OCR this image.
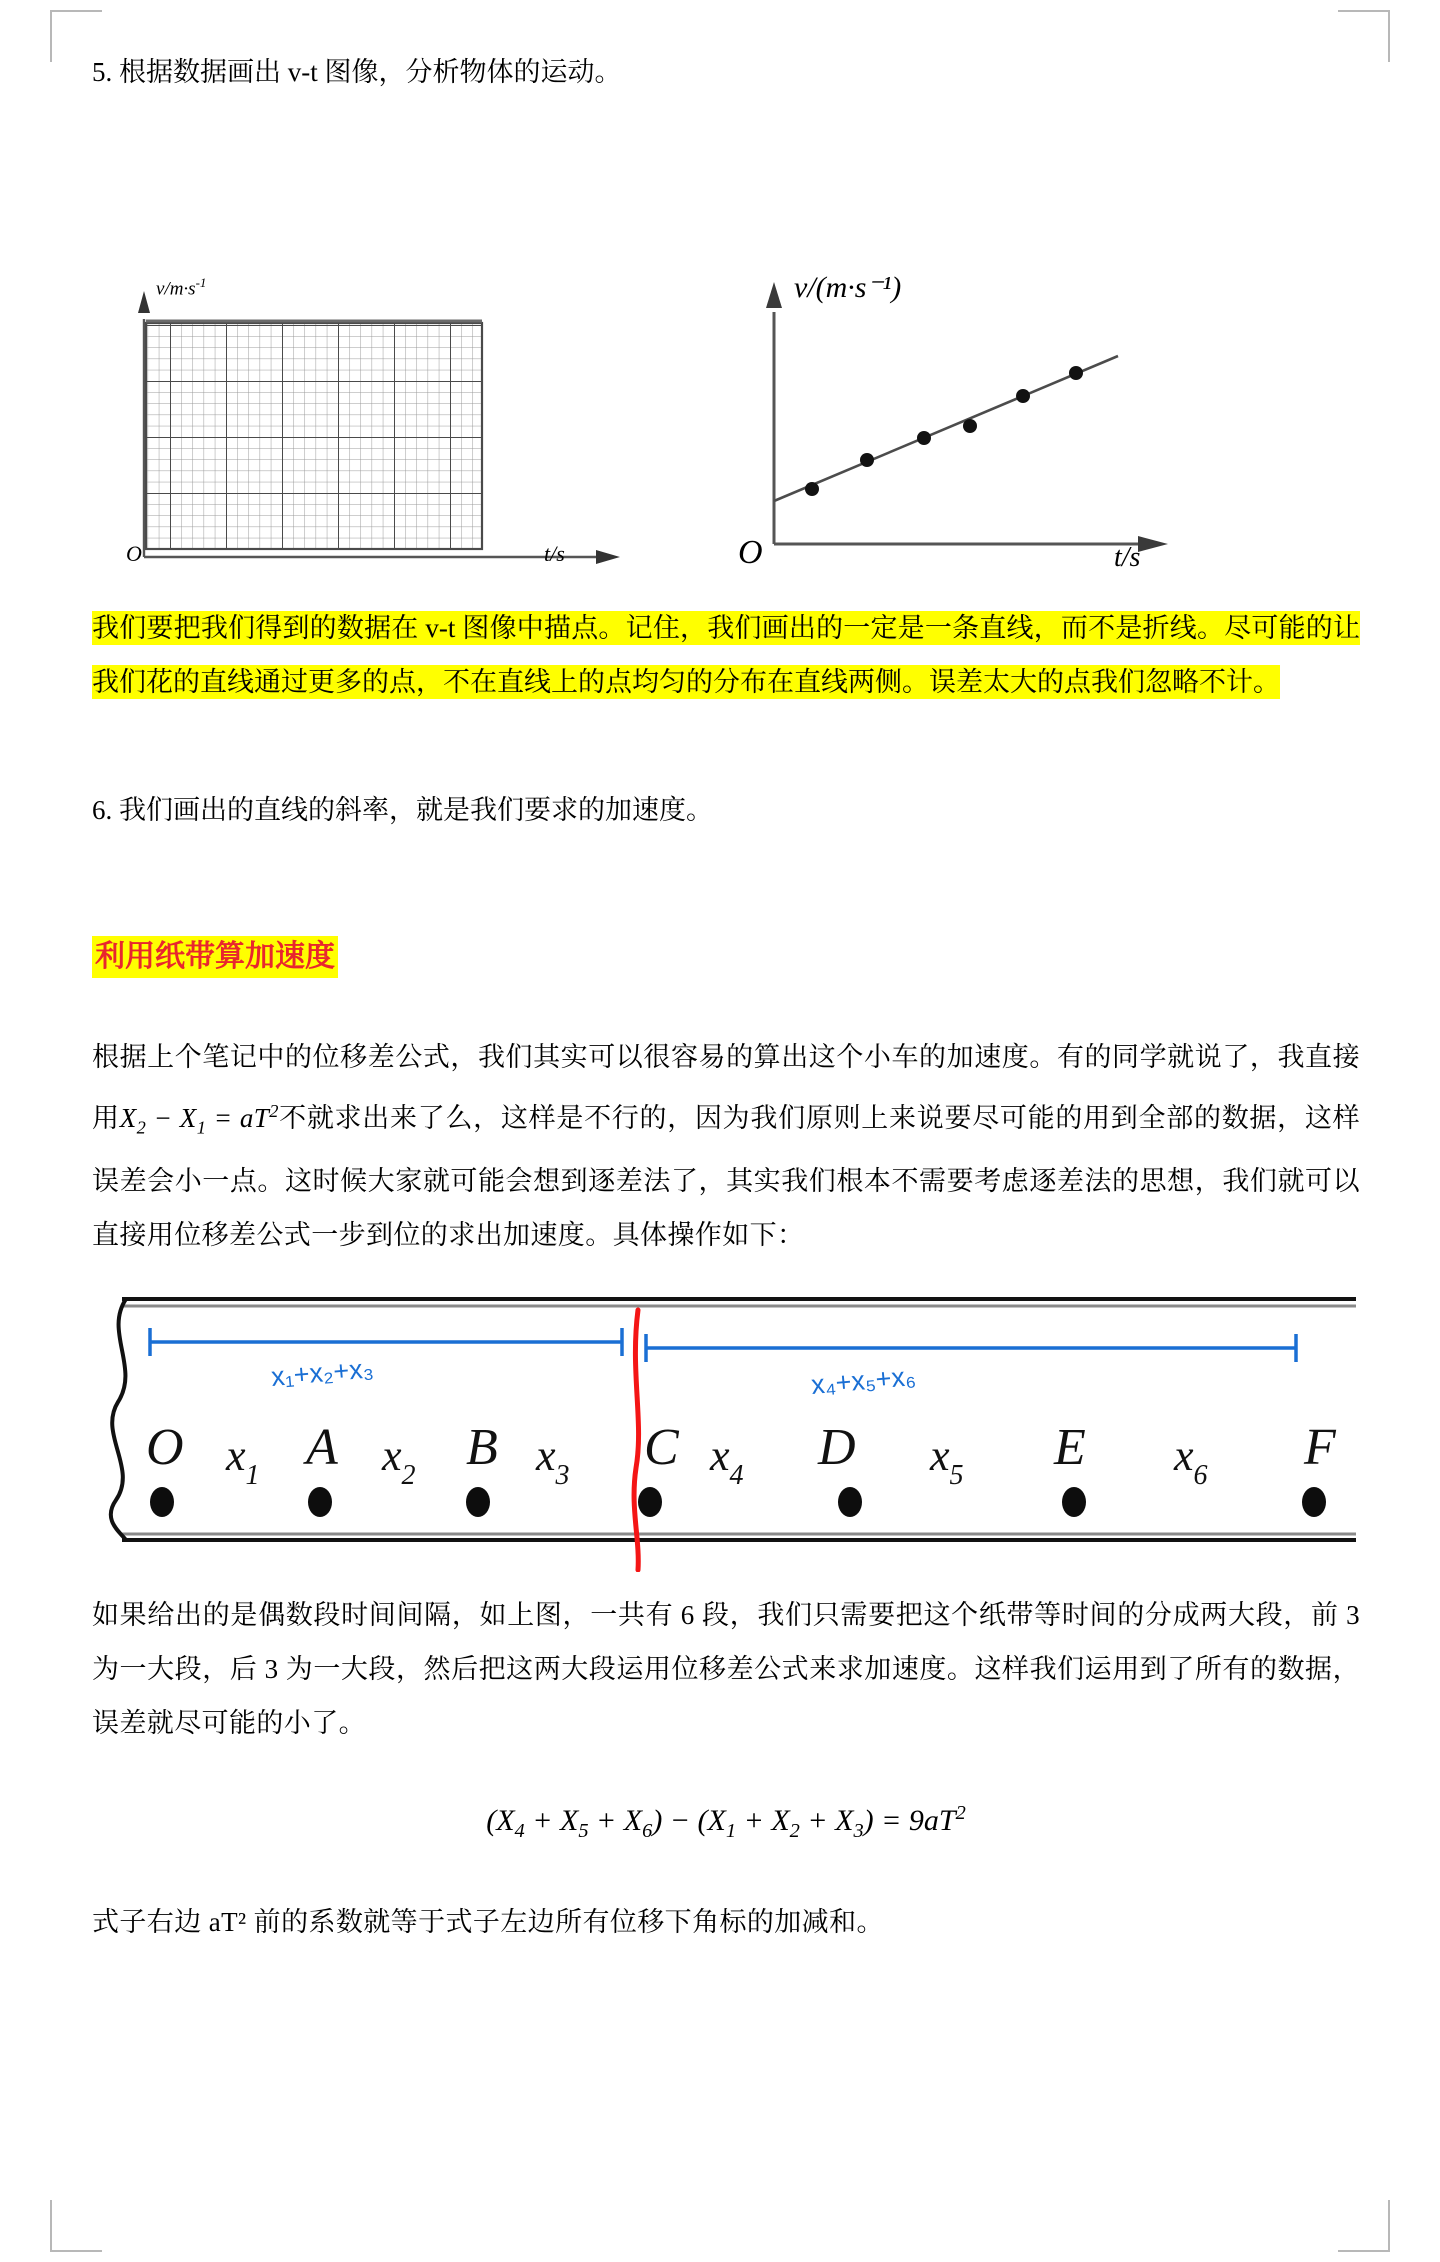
5. 根据数据画出 v-t 图像，分析物体的运动。

$v/m\cdot s^{-1}$
O	t/s
v/(m·s⁻¹)
O	t/s

我们要把我们得到的数据在 v-t 图像中描点。记住，我们画出的一定是一条直线，而不是折线。尽可能的让我们花的直线通过更多的点，不在直线上的点均匀的分布在直线两侧。误差太大的点我们忽略不计。

6. 我们画出的直线的斜率，就是我们要求的加速度。

利用纸带算加速度

根据上个笔记中的位移差公式，我们其实可以很容易的算出这个小车的加速度。有的同学就说了，我直接用$X_2 - X_1 = aT^2$不就求出来了么，这样是不行的，因为我们原则上来说要尽可能的用到全部的数据，这样误差会小一点。这时候大家就可能会想到逐差法了，其实我们根本不需要考虑逐差法的思想，我们就可以直接用位移差公式一步到位的求出加速度。具体操作如下：

x₁+x₂+x₃	x₄+x₅+x₆
O A B	C	D	E	F
$x_1$	$x_2$	$x_3$	$x_4$	$x_5$	$x_6$

如果给出的是偶数段时间间隔，如上图，一共有 6 段，我们只需要把这个纸带等时间的分成两大段，前 3 为一大段，后 3 为一大段，然后把这两大段运用位移差公式来求加速度。这样我们运用到了所有的数据，误差就尽可能的小了。

$(X_4 + X_5 + X_6) - (X_1 + X_2 + X_3) = 9aT^2$

式子右边 aT² 前的系数就等于式子左边所有位移下角标的加减和。
